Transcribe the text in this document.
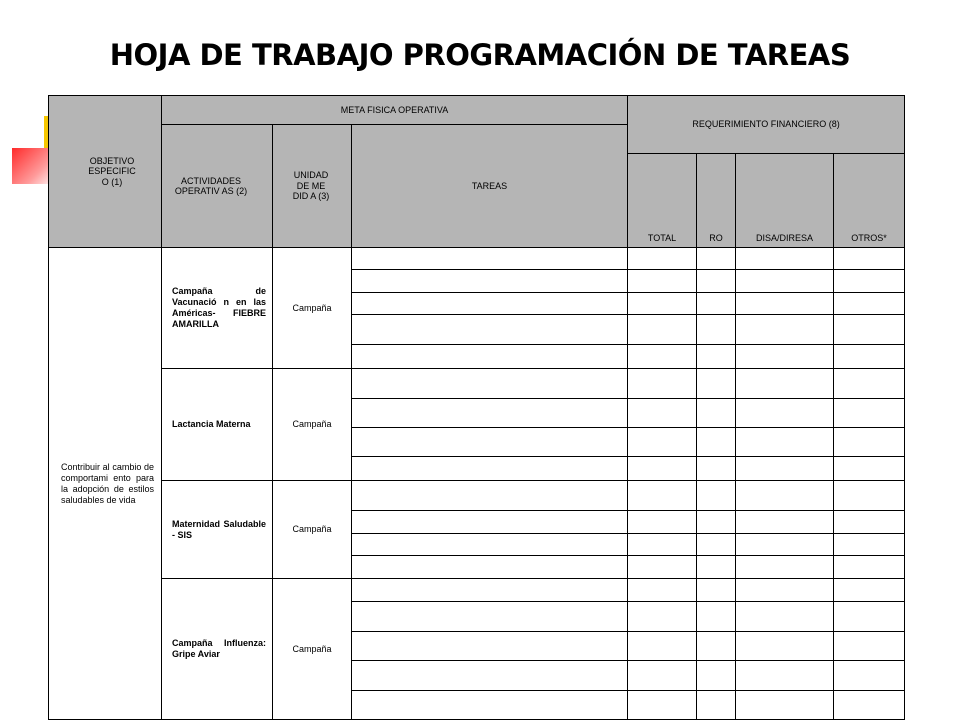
HOJA DE TRABAJO PROGRAMACIÓN DE TAREAS
OBJETIVO ESPECIFIC O (1)	META FISICA OPERATIVA			REQUERIMIENTO FINANCIERO (8)			

	ACTIVIDADES OPERATIV AS (2)	UNIDAD DE ME DID A (3)	TAREAS				
				TOTAL	RO	DISA/DIRESA	OTROS*

Contribuir al cambio de comportami ento para la adopción de estilos saludables de vida	Campaña de Vacunació n en las Américas- FIEBRE AMARILLA	Campaña					

	Lactancia Materna	Campaña					

	Maternidad Saludable - SIS	Campaña					

	Campaña Influenza: Gripe Aviar	Campaña					
